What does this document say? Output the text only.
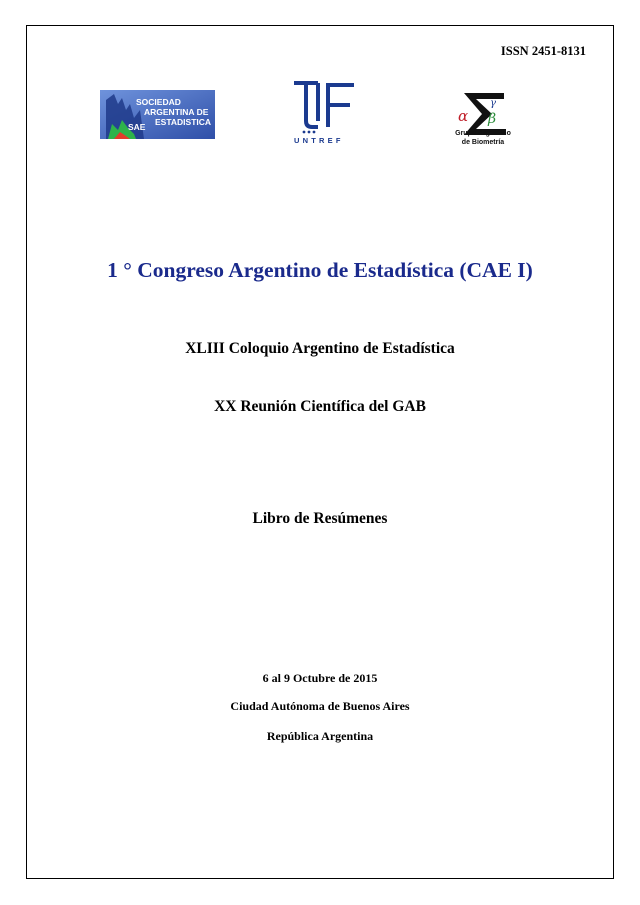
ISSN 2451-8131
SOCIEDAD
ARGENTINA DE
ESTADISTICA
SAE
UNTREF
α
γ
β
Grupo Argentino
de Biometría
1 ° Congreso Argentino de Estadística (CAE I)
XLIII Coloquio Argentino de Estadística
XX Reunión Científica del GAB
Libro de Resúmenes
6 al 9 Octubre de 2015
Ciudad Autónoma de Buenos Aires
República Argentina
